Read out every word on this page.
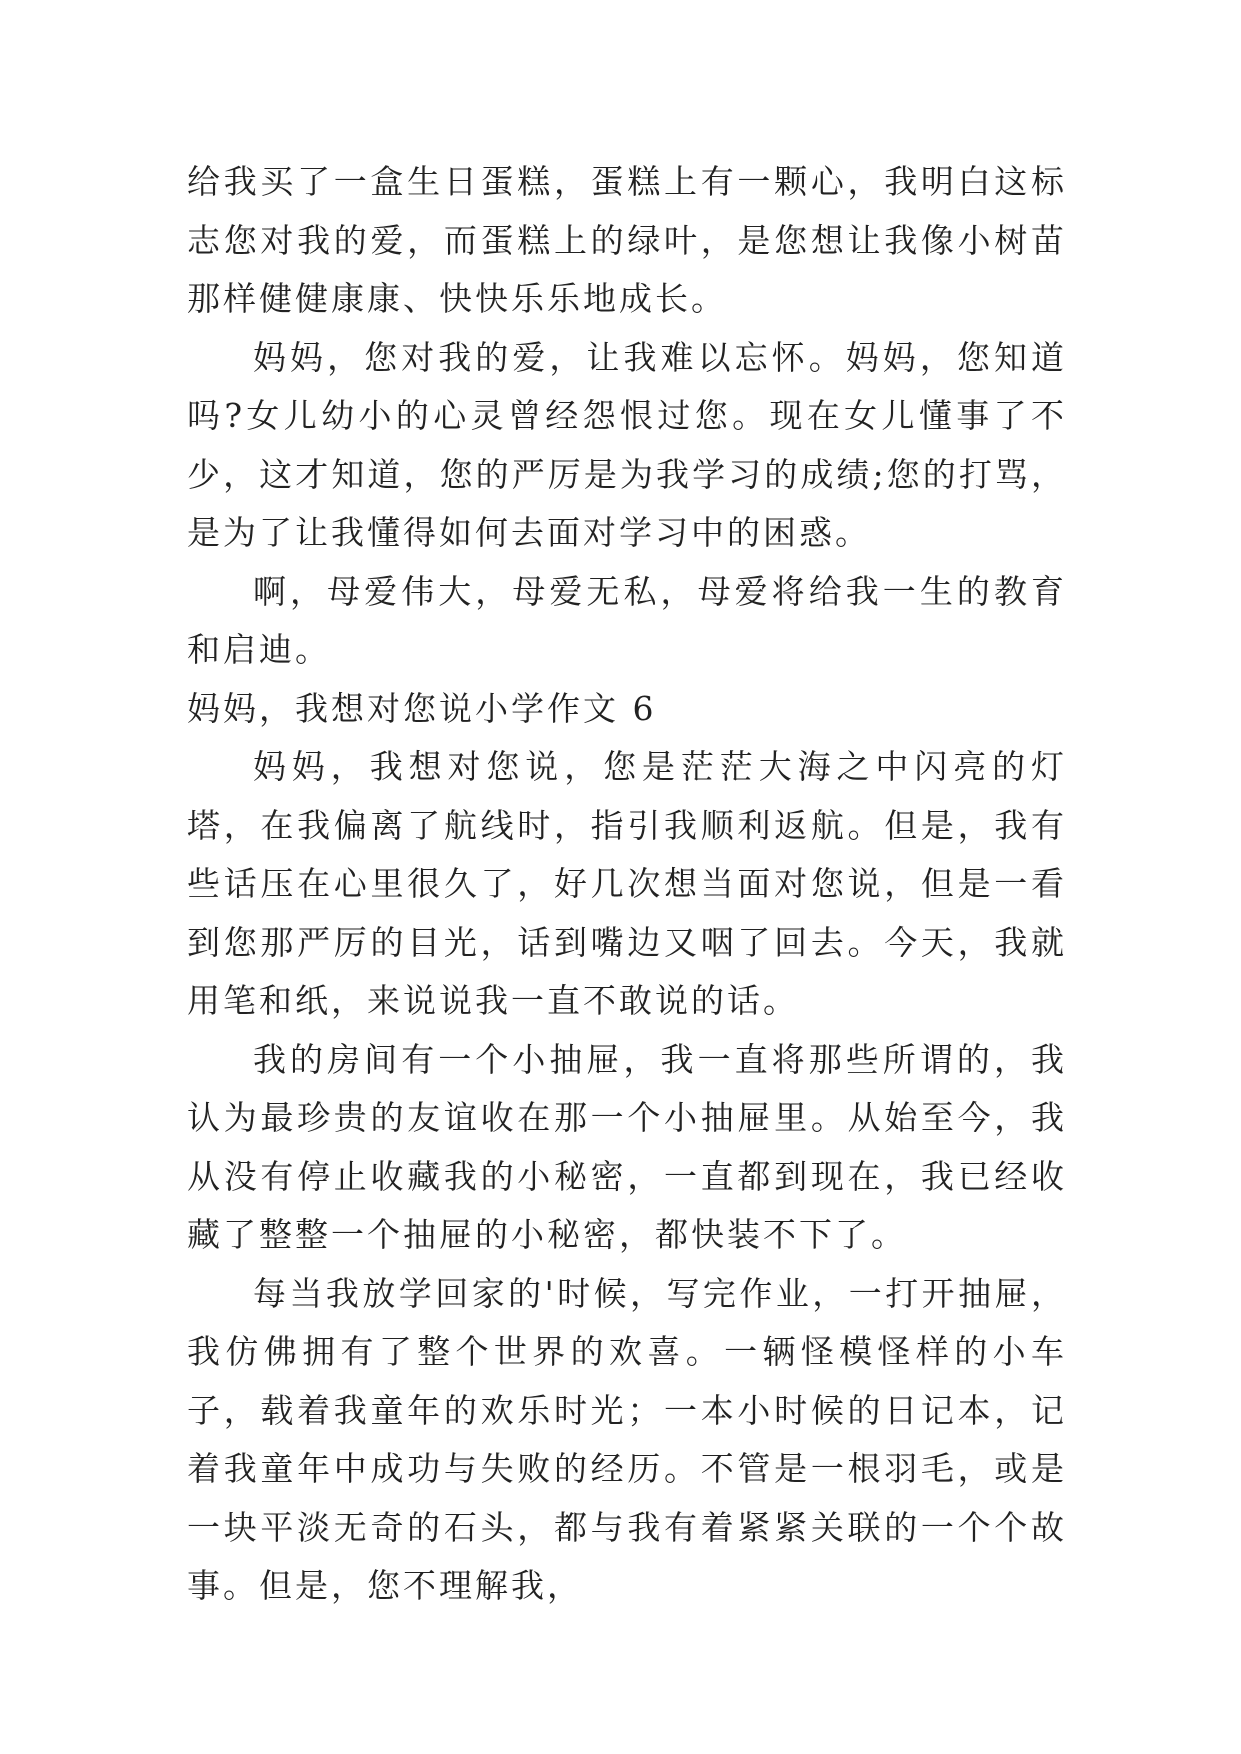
给我买了一盒生日蛋糕，蛋糕上有一颗心，我明白这标志您对我的爱，而蛋糕上的绿叶，是您想让我像小树苗那样健健康康、快快乐乐地成长。

妈妈，您对我的爱，让我难以忘怀。妈妈，您知道吗?女儿幼小的心灵曾经怨恨过您。现在女儿懂事了不少，这才知道，您的严厉是为我学习的成绩;您的打骂，是为了让我懂得如何去面对学习中的困惑。

啊，母爱伟大，母爱无私，母爱将给我一生的教育和启迪。

妈妈，我想对您说小学作文 6

妈妈，我想对您说，您是茫茫大海之中闪亮的灯塔，在我偏离了航线时，指引我顺利返航。但是，我有些话压在心里很久了，好几次想当面对您说，但是一看到您那严厉的目光，话到嘴边又咽了回去。今天，我就用笔和纸，来说说我一直不敢说的话。

我的房间有一个小抽屉，我一直将那些所谓的，我认为最珍贵的友谊收在那一个小抽屉里。从始至今，我从没有停止收藏我的小秘密，一直都到现在，我已经收藏了整整一个抽屉的小秘密，都快装不下了。

每当我放学回家的'时候，写完作业，一打开抽屉，我仿佛拥有了整个世界的欢喜。一辆怪模怪样的小车子，载着我童年的欢乐时光；一本小时候的日记本，记着我童年中成功与失败的经历。不管是一根羽毛，或是一块平淡无奇的石头，都与我有着紧紧关联的一个个故事。但是，您不理解我，
